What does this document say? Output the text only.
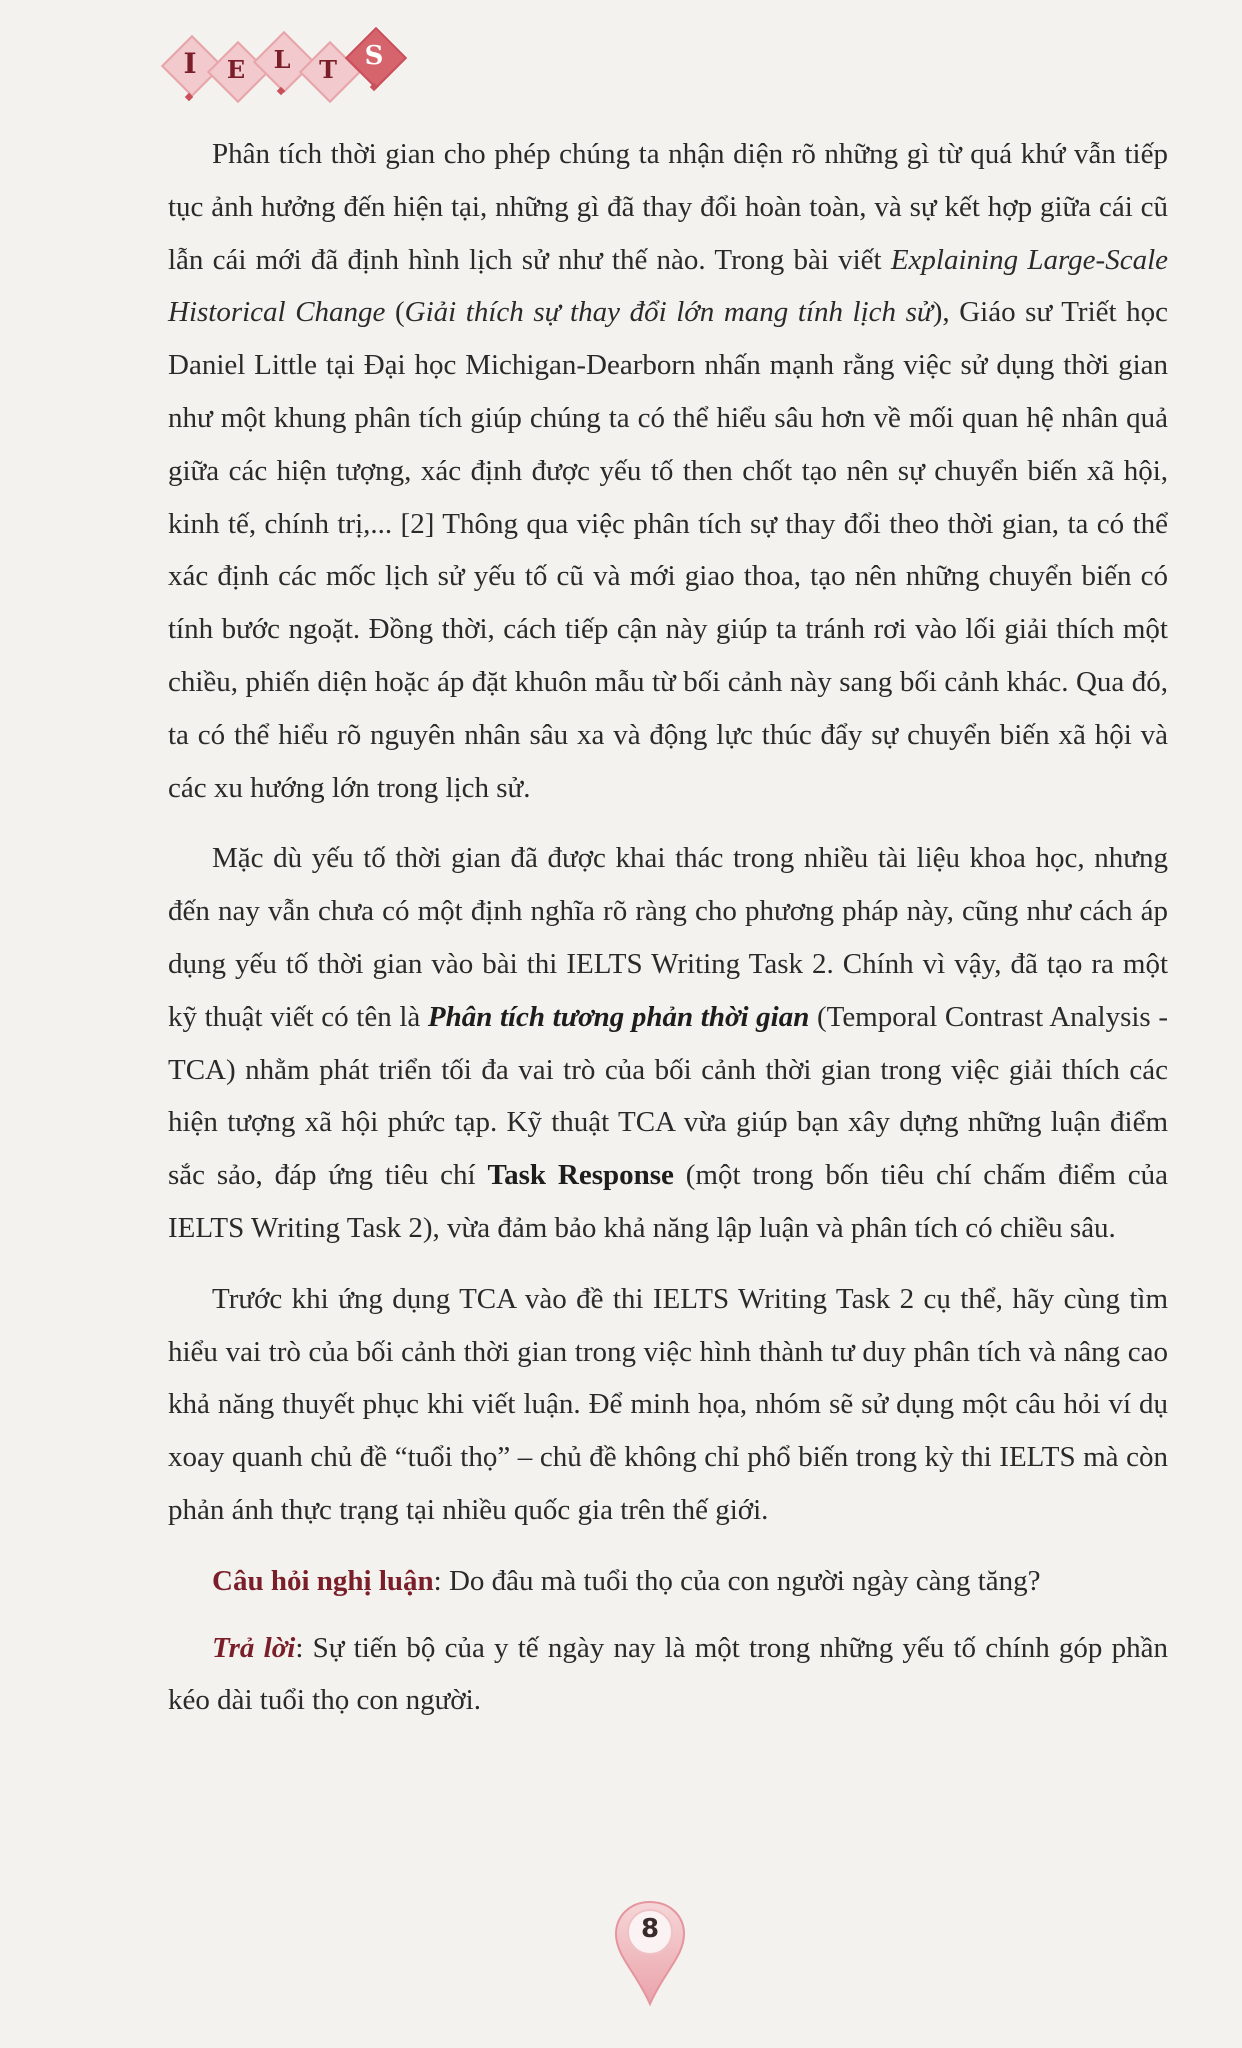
I	E	L	T	S

Phân tích thời gian cho phép chúng ta nhận diện rõ những gì từ quá khứ vẫn tiếp tục ảnh hưởng đến hiện tại, những gì đã thay đổi hoàn toàn, và sự kết hợp giữa cái cũ lẫn cái mới đã định hình lịch sử như thế nào. Trong bài viết Explaining Large-Scale Historical Change (Giải thích sự thay đổi lớn mang tính lịch sử), Giáo sư Triết học Daniel Little tại Đại học Michigan-Dearborn nhấn mạnh rằng việc sử dụng thời gian như một khung phân tích giúp chúng ta có thể hiểu sâu hơn về mối quan hệ nhân quả giữa các hiện tượng, xác định được yếu tố then chốt tạo nên sự chuyển biến xã hội, kinh tế, chính trị,... [2] Thông qua việc phân tích sự thay đổi theo thời gian, ta có thể xác định các mốc lịch sử yếu tố cũ và mới giao thoa, tạo nên những chuyển biến có tính bước ngoặt. Đồng thời, cách tiếp cận này giúp ta tránh rơi vào lối giải thích một chiều, phiến diện hoặc áp đặt khuôn mẫu từ bối cảnh này sang bối cảnh khác. Qua đó, ta có thể hiểu rõ nguyên nhân sâu xa và động lực thúc đẩy sự chuyển biến xã hội và các xu hướng lớn trong lịch sử.

Mặc dù yếu tố thời gian đã được khai thác trong nhiều tài liệu khoa học, nhưng đến nay vẫn chưa có một định nghĩa rõ ràng cho phương pháp này, cũng như cách áp dụng yếu tố thời gian vào bài thi IELTS Writing Task 2. Chính vì vậy, đã tạo ra một kỹ thuật viết có tên là Phân tích tương phản thời gian (Temporal Contrast Analysis - TCA) nhằm phát triển tối đa vai trò của bối cảnh thời gian trong việc giải thích các hiện tượng xã hội phức tạp. Kỹ thuật TCA vừa giúp bạn xây dựng những luận điểm sắc sảo, đáp ứng tiêu chí Task Response (một trong bốn tiêu chí chấm điểm của IELTS Writing Task 2), vừa đảm bảo khả năng lập luận và phân tích có chiều sâu.

Trước khi ứng dụng TCA vào đề thi IELTS Writing Task 2 cụ thể, hãy cùng tìm hiểu vai trò của bối cảnh thời gian trong việc hình thành tư duy phân tích và nâng cao khả năng thuyết phục khi viết luận. Để minh họa, nhóm sẽ sử dụng một câu hỏi ví dụ xoay quanh chủ đề “tuổi thọ” – chủ đề không chỉ phổ biến trong kỳ thi IELTS mà còn phản ánh thực trạng tại nhiều quốc gia trên thế giới.

Câu hỏi nghị luận: Do đâu mà tuổi thọ của con người ngày càng tăng?

Trả lời: Sự tiến bộ của y tế ngày nay là một trong những yếu tố chính góp phần kéo dài tuổi thọ con người.

8
